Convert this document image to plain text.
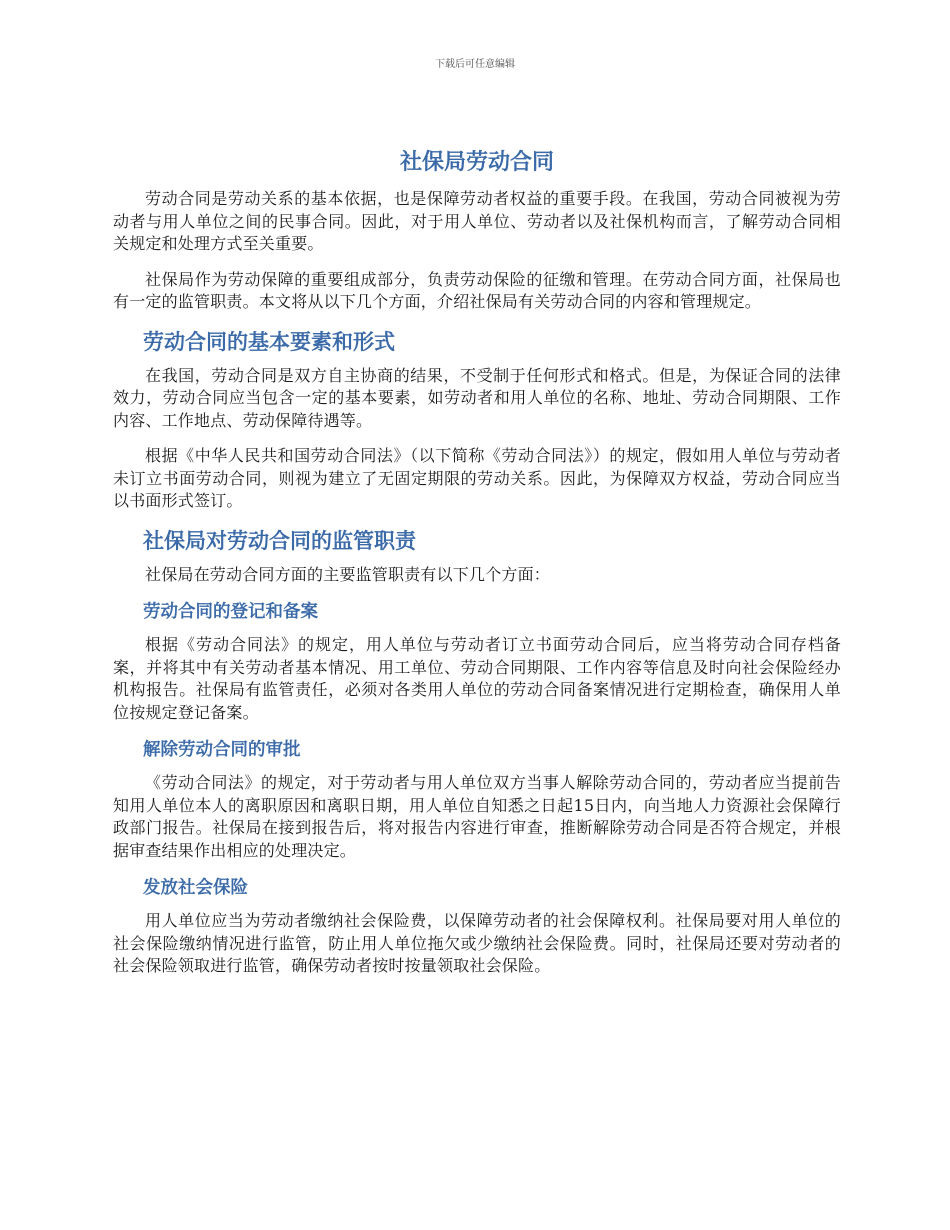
下载后可任意编辑
社保局劳动合同

劳动合同是劳动关系的基本依据，也是保障劳动者权益的重要手段。在我国，劳动合同被视为劳动者与用人单位之间的民事合同。因此，对于用人单位、劳动者以及社保机构而言，了解劳动合同相关规定和处理方式至关重要。

社保局作为劳动保障的重要组成部分，负责劳动保险的征缴和管理。在劳动合同方面，社保局也有一定的监管职责。本文将从以下几个方面，介绍社保局有关劳动合同的内容和管理规定。

劳动合同的基本要素和形式

在我国，劳动合同是双方自主协商的结果，不受制于任何形式和格式。但是，为保证合同的法律效力，劳动合同应当包含一定的基本要素，如劳动者和用人单位的名称、地址、劳动合同期限、工作内容、工作地点、劳动保障待遇等。

根据《中华人民共和国劳动合同法》（以下简称《劳动合同法》）的规定，假如用人单位与劳动者未订立书面劳动合同，则视为建立了无固定期限的劳动关系。因此，为保障双方权益，劳动合同应当以书面形式签订。

社保局对劳动合同的监管职责

社保局在劳动合同方面的主要监管职责有以下几个方面：

劳动合同的登记和备案

根据《劳动合同法》的规定，用人单位与劳动者订立书面劳动合同后，应当将劳动合同存档备案，并将其中有关劳动者基本情况、用工单位、劳动合同期限、工作内容等信息及时向社会保险经办机构报告。社保局有监管责任，必须对各类用人单位的劳动合同备案情况进行定期检查，确保用人单位按规定登记备案。

解除劳动合同的审批

《劳动合同法》的规定，对于劳动者与用人单位双方当事人解除劳动合同的，劳动者应当提前告知用人单位本人的离职原因和离职日期，用人单位自知悉之日起15日内，向当地人力资源社会保障行政部门报告。社保局在接到报告后，将对报告内容进行审查，推断解除劳动合同是否符合规定，并根据审查结果作出相应的处理决定。

发放社会保险

用人单位应当为劳动者缴纳社会保险费，以保障劳动者的社会保障权利。社保局要对用人单位的社会保险缴纳情况进行监管，防止用人单位拖欠或少缴纳社会保险费。同时，社保局还要对劳动者的社会保险领取进行监管，确保劳动者按时按量领取社会保险。
